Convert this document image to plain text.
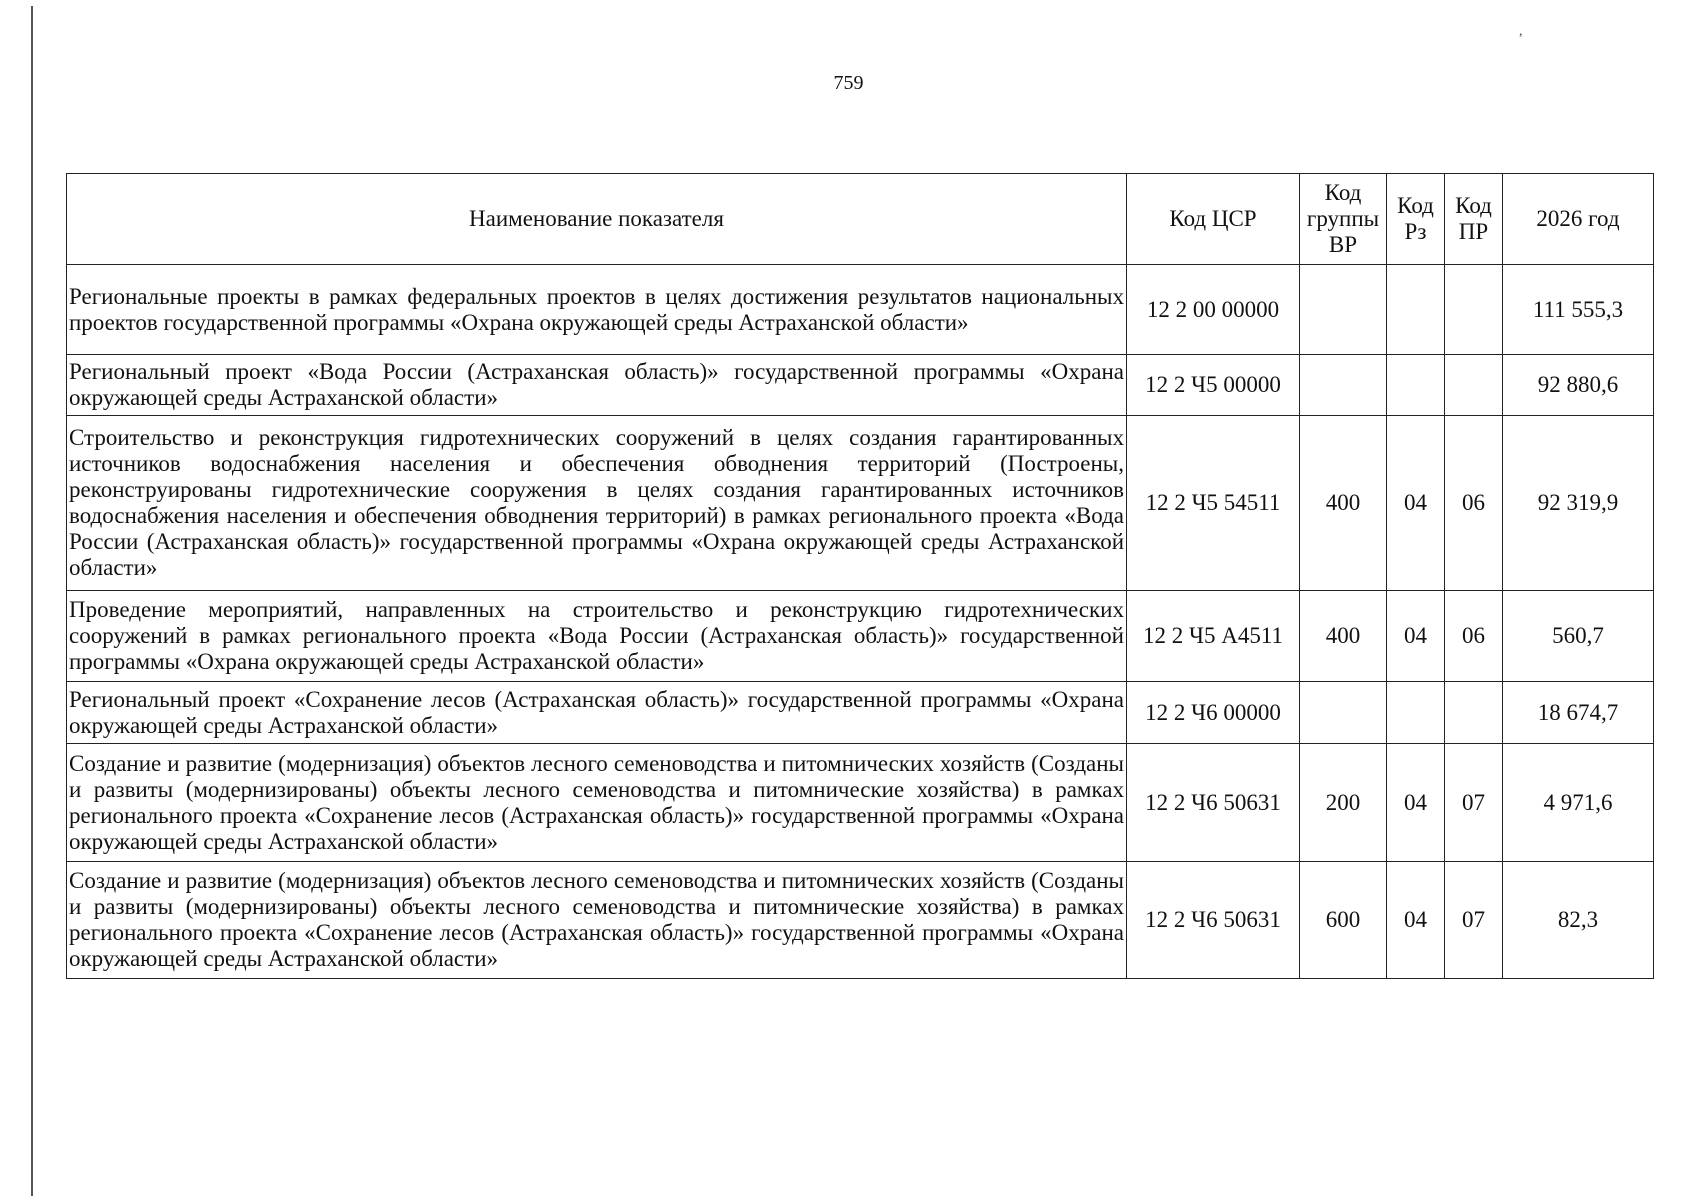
,
759
Наименование показателя	Код ЦСР	Код группы ВР	Код Рз	Код ПР	2026 год
Региональные проекты в рамках федеральных проектов в целях достижения результатов национальных проектов государственной программы «Охрана окружающей среды Астраханской области»	12 2 00 00000				111 555,3
Региональный проект «Вода России (Астраханская область)» государственной программы «Охрана окружающей среды Астраханской области»	12 2 Ч5 00000				92 880,6
Строительство и реконструкция гидротехнических сооружений в целях создания гарантированных источников водоснабжения населения и обеспечения обводнения территорий (Построены, реконструированы гидротехнические сооружения в целях создания гарантированных источников водоснабжения населения и обеспечения обводнения территорий) в рамках регионального проекта «Вода России (Астраханская область)» государственной программы «Охрана окружающей среды Астраханской области»	12 2 Ч5 54511	400	04	06	92 319,9
Проведение мероприятий, направленных на строительство и реконструкцию гидротехнических сооружений в рамках регионального проекта «Вода России (Астраханская область)» государственной программы «Охрана окружающей среды Астраханской области»	12 2 Ч5 А4511	400	04	06	560,7
Региональный проект «Сохранение лесов (Астраханская область)» государственной программы «Охрана окружающей среды Астраханской области»	12 2 Ч6 00000				18 674,7
Создание и развитие (модернизация) объектов лесного семеноводства и питомнических хозяйств (Созданы и развиты (модернизированы) объекты лесного семеноводства и питомнические хозяйства) в рамках регионального проекта «Сохранение лесов (Астраханская область)» государственной программы «Охрана окружающей среды Астраханской области»	12 2 Ч6 50631	200	04	07	4 971,6
Создание и развитие (модернизация) объектов лесного семеноводства и питомнических хозяйств (Созданы и развиты (модернизированы) объекты лесного семеноводства и питомнические хозяйства) в рамках регионального проекта «Сохранение лесов (Астраханская область)» государственной программы «Охрана окружающей среды Астраханской области»	12 2 Ч6 50631	600	04	07	82,3
